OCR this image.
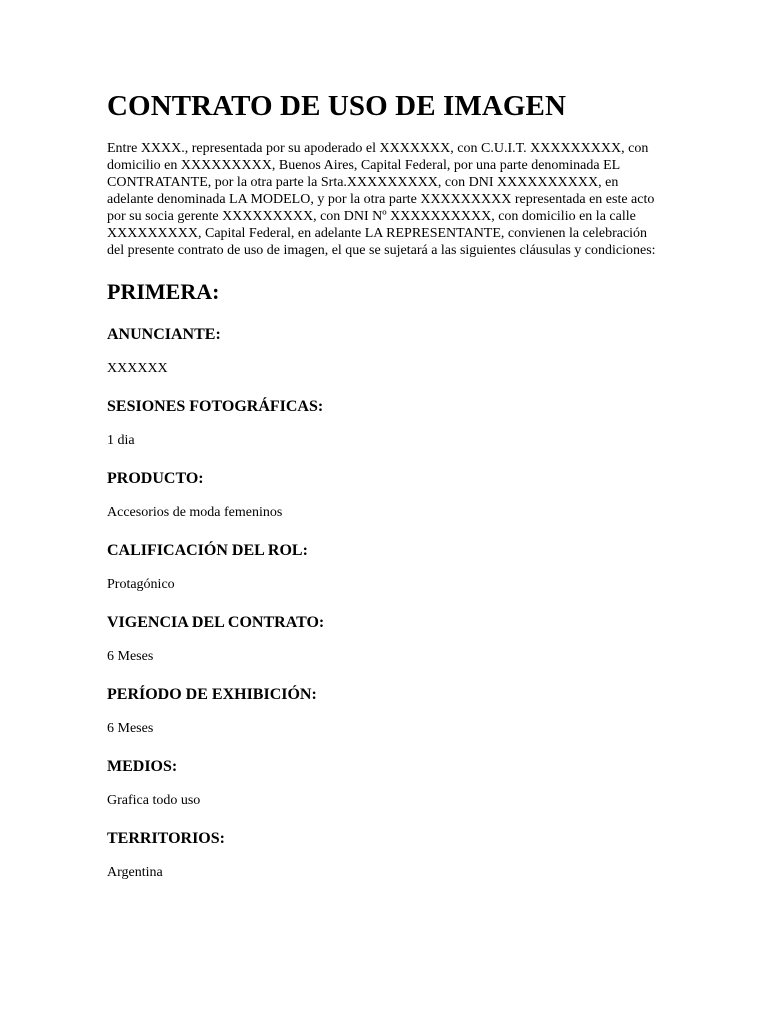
CONTRATO DE USO DE IMAGEN

Entre XXXX., representada por su apoderado el XXXXXXX, con C.U.I.T. XXXXXXXXX, con domicilio en XXXXXXXXX, Buenos Aires, Capital Federal, por una parte denominada EL CONTRATANTE, por la otra parte la Srta.XXXXXXXXX, con DNI XXXXXXXXXX, en adelante denominada LA MODELO, y por la otra parte XXXXXXXXX representada en este acto por su socia gerente XXXXXXXXX, con DNI Nº XXXXXXXXXX, con domicilio en la calle XXXXXXXXX, Capital Federal, en adelante LA REPRESENTANTE, convienen la celebración del presente contrato de uso de imagen, el que se sujetará a las siguientes cláusulas y condiciones:

PRIMERA:
ANUNCIANTE:
XXXXXX
SESIONES FOTOGRÁFICAS:
1 dia
PRODUCTO:
Accesorios de moda femeninos
CALIFICACIÓN DEL ROL:
Protagónico
VIGENCIA DEL CONTRATO:
6 Meses
PERÍODO DE EXHIBICIÓN:
6 Meses
MEDIOS:
Grafica todo uso
TERRITORIOS:
Argentina
